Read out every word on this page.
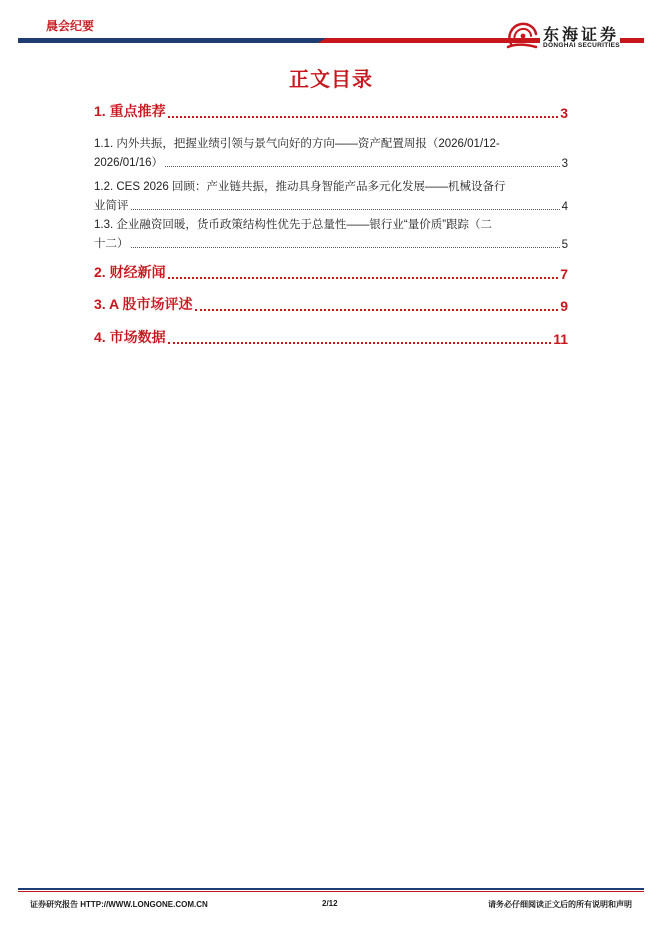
晨会纪要	东海证券
DONGHAI SECURITIES
正文目录
1. 重点推荐	3
1.1. 内外共振，把握业绩引领与景气向好的方向——资产配置周报（2026/01/12-
2026/01/16）	3
1.2. CES 2026 回顾：产业链共振，推动具身智能产品多元化发展——机械设备行
业简评	4
1.3. 企业融资回暖，货币政策结构性优先于总量性——银行业“量价质”跟踪（二
十二）	5
2. 财经新闻	7
3. A 股市场评述	9
4. 市场数据	11
证券研究报告 HTTP://WWW.LONGONE.COM.CN	2/12	请务必仔细阅读正文后的所有说明和声明
